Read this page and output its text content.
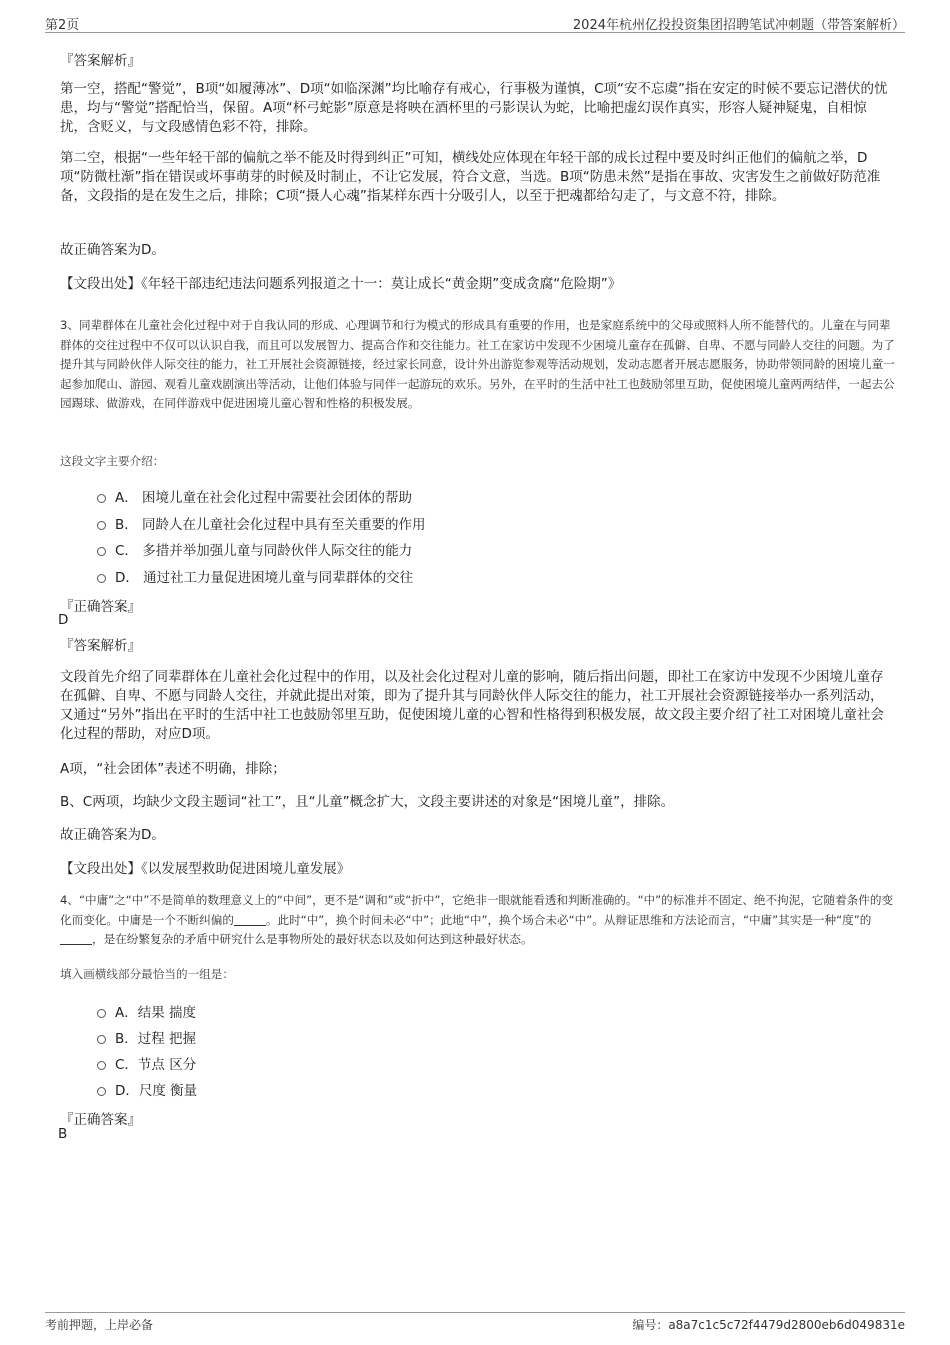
第2页	2024年杭州亿投投资集团招聘笔试冲刺题（带答案解析）
『答案解析』
第一空，搭配“警觉”，B项“如履薄冰”、D项“如临深渊”均比喻存有戒心，行事极为谨慎，C项“安不忘虞”指在安定的时候不要忘记潜伏的忧患，均与“警觉”搭配恰当，保留。A项“杯弓蛇影”原意是将映在酒杯里的弓影误认为蛇，比喻把虚幻误作真实，形容人疑神疑鬼，自相惊扰，含贬义，与文段感情色彩不符，排除。
第二空，根据“一些年轻干部的偏航之举不能及时得到纠正”可知，横线处应体现在年轻干部的成长过程中要及时纠正他们的偏航之举，D项“防微杜渐”指在错误或坏事萌芽的时候及时制止，不让它发展，符合文意，当选。B项“防患未然”是指在事故、灾害发生之前做好防范准备，文段指的是在发生之后，排除；C项“摄人心魂”指某样东西十分吸引人，以至于把魂都给勾走了，与文意不符，排除。
故正确答案为D。
【文段出处】《年轻干部违纪违法问题系列报道之十一：莫让成长“黄金期”变成贪腐“危险期”》
3、同辈群体在儿童社会化过程中对于自我认同的形成、心理调节和行为模式的形成具有重要的作用，也是家庭系统中的父母或照料人所不能替代的。儿童在与同辈群体的交往过程中不仅可以认识自我，而且可以发展智力、提高合作和交往能力。社工在家访中发现不少困境儿童存在孤僻、自卑、不愿与同龄人交往的问题。为了提升其与同龄伙伴人际交往的能力，社工开展社会资源链接，经过家长同意，设计外出游览参观等活动规划，发动志愿者开展志愿服务，协助带领同龄的困境儿童一起参加爬山、游园、观看儿童戏剧演出等活动，让他们体验与同伴一起游玩的欢乐。另外，在平时的生活中社工也鼓励邻里互助，促使困境儿童两两结伴，一起去公园踢球、做游戏，在同伴游戏中促进困境儿童心智和性格的积极发展。
这段文字主要介绍：
A． 困境儿童在社会化过程中需要社会团体的帮助
B． 同龄人在儿童社会化过程中具有至关重要的作用
C． 多措并举加强儿童与同龄伙伴人际交往的能力
D． 通过社工力量促进困境儿童与同辈群体的交往
『正确答案』
D
『答案解析』
文段首先介绍了同辈群体在儿童社会化过程中的作用，以及社会化过程对儿童的影响，随后指出问题，即社工在家访中发现不少困境儿童存在孤僻、自卑、不愿与同龄人交往，并就此提出对策，即为了提升其与同龄伙伴人际交往的能力，社工开展社会资源链接举办一系列活动，又通过“另外”指出在平时的生活中社工也鼓励邻里互助，促使困境儿童的心智和性格得到积极发展，故文段主要介绍了社工对困境儿童社会化过程的帮助，对应D项。
A项，“社会团体”表述不明确，排除；
B、C两项，均缺少文段主题词“社工”，且“儿童”概念扩大，文段主要讲述的对象是“困境儿童”，排除。
故正确答案为D。
【文段出处】《以发展型救助促进困境儿童发展》
4、“中庸”之“中”不是简单的数理意义上的“中间”，更不是“调和”或“折中”，它绝非一眼就能看透和判断准确的。“中”的标准并不固定、绝不拘泥，它随着条件的变化而变化。中庸是一个不断纠偏的	。此时“中”，换个时间未必“中”；此地“中”，换个场合未必“中”。从辩证思维和方法论而言，“中庸”其实是一种“度”的，是在纷繁复杂的矛盾中研究什么是事物所处的最好状态以及如何达到这种最好状态。
填入画横线部分最恰当的一组是：
A．结果 揣度
B．过程 把握
C．节点 区分
D．尺度 衡量
『正确答案』
B
考前押题，上岸必备	编号：a8a7c1c5c72f4479d2800eb6d049831e
